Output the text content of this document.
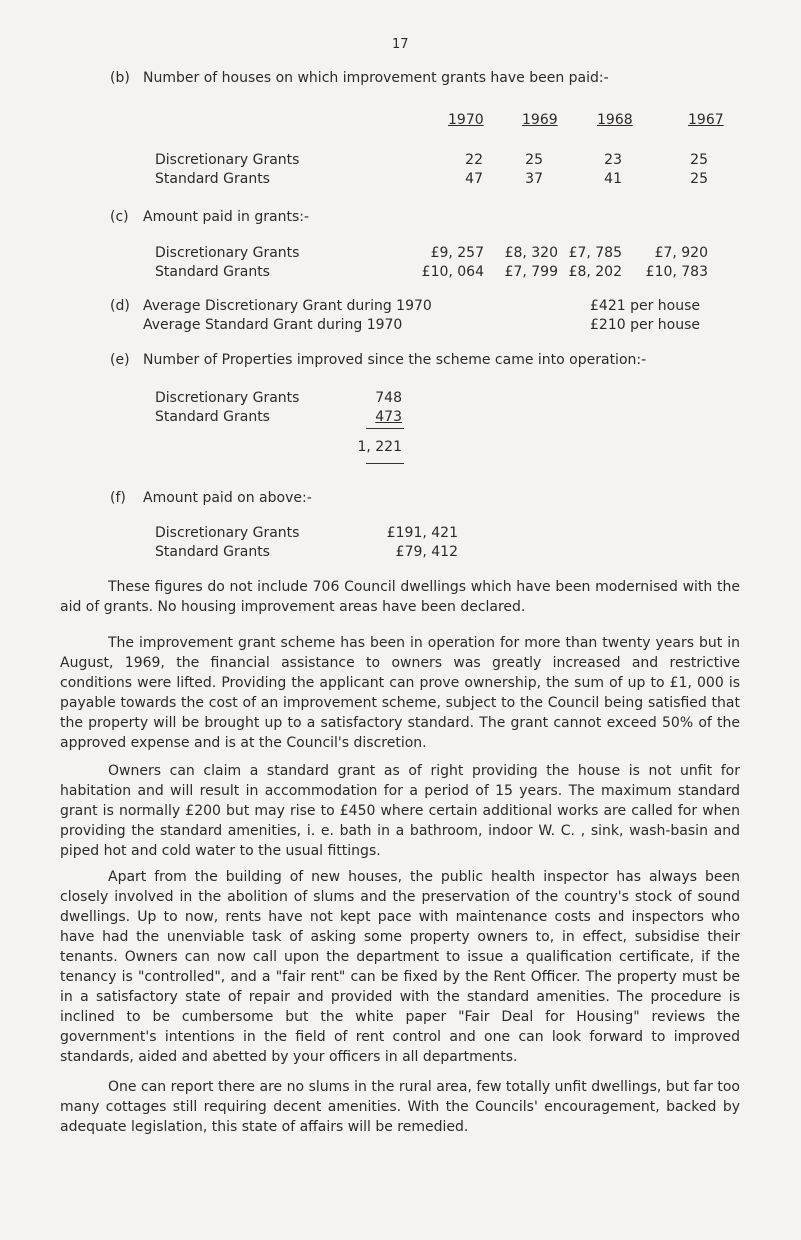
17
(b) Number of houses on which improvement grants have been paid:-
1970	1969	1968	1967
Discretionary Grants	22	25	23	25
Standard Grants	47	37	41	25
(c) Amount paid in grants:-
Discretionary Grants	£9, 257	£8, 320 £7, 785	£7, 920
Standard Grants	£10, 064	£7, 799 £8, 202	£10, 783
(d) Average Discretionary Grant during 1970	£421 per house
Average Standard Grant during 1970	£210 per house
(e) Number of Properties improved since the scheme came into operation:-
Discretionary Grants	748
Standard Grants	473
1, 221
(f) Amount paid on above:-
Discretionary Grants	£191, 421
Standard Grants	£79, 412

These figures do not include 706 Council dwellings which have been modernised with the aid of grants. No housing improvement areas have been declared.

The improvement grant scheme has been in operation for more than twenty years but in August, 1969, the financial assistance to owners was greatly increased and restrictive conditions were lifted. Providing the applicant can prove ownership, the sum of up to £1, 000 is payable towards the cost of an improvement scheme, subject to the Council being satisfied that the property will be brought up to a satisfactory standard. The grant cannot exceed 50% of the approved expense and is at the Council's discretion.

Owners can claim a standard grant as of right providing the house is not unfit for habitation and will result in accommodation for a period of 15 years. The maximum standard grant is normally £200 but may rise to £450 where certain additional works are called for when providing the standard amenities, i. e. bath in a bathroom, indoor W. C. , sink, wash-basin and piped hot and cold water to the usual fittings.

Apart from the building of new houses, the public health inspector has always been closely involved in the abolition of slums and the preservation of the country's stock of sound dwellings. Up to now, rents have not kept pace with maintenance costs and inspectors who have had the unenviable task of asking some property owners to, in effect, subsidise their tenants. Owners can now call upon the department to issue a qualification certificate, if the tenancy is "controlled", and a "fair rent" can be fixed by the Rent Officer. The property must be in a satisfactory state of repair and provided with the standard amenities. The procedure is inclined to be cumbersome but the white paper "Fair Deal for Housing" reviews the government's intentions in the field of rent control and one can look forward to improved standards, aided and abetted by your officers in all departments.

One can report there are no slums in the rural area, few totally unfit dwellings, but far too many cottages still requiring decent amenities. With the Councils' encouragement, backed by adequate legislation, this state of affairs will be remedied.
